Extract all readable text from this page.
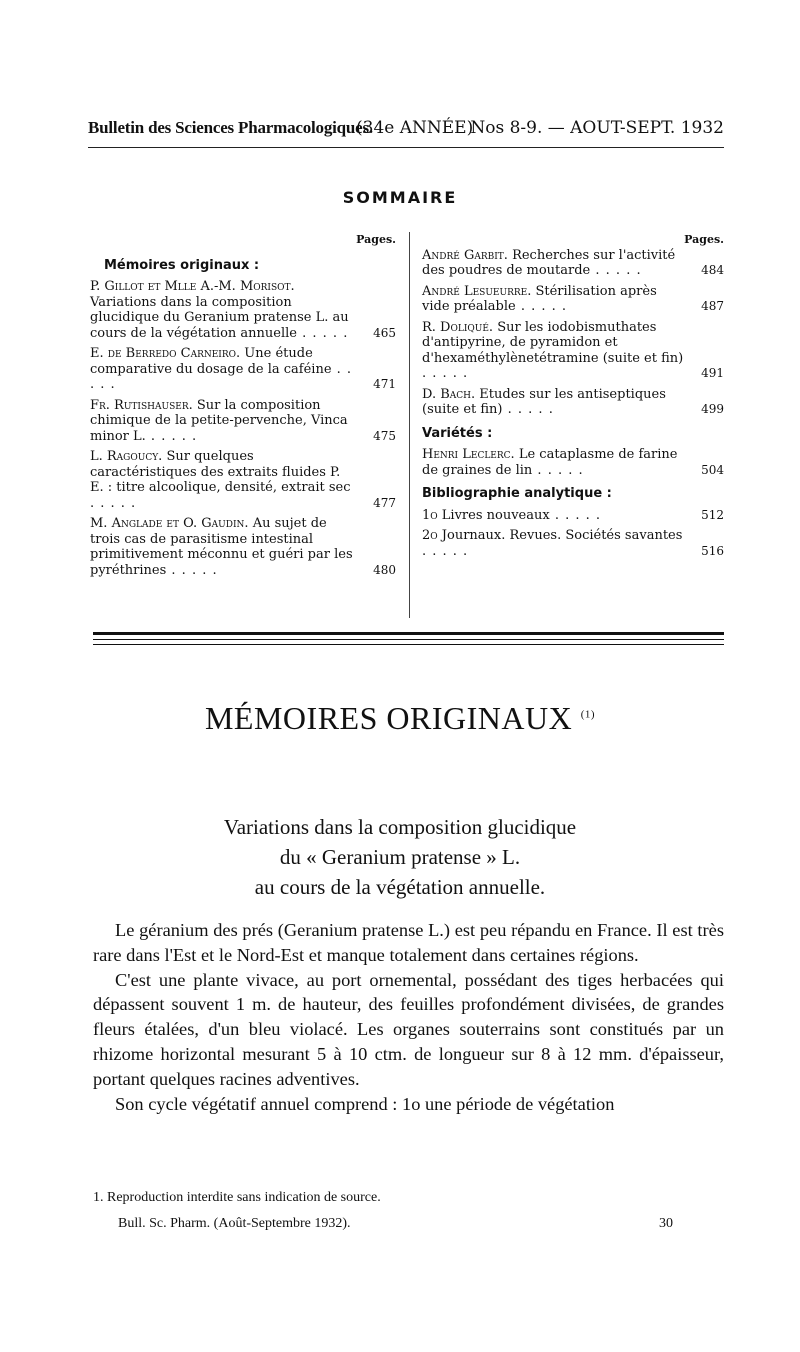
Bulletin des Sciences Pharmacologiques.
(34e ANNÉE)
Nos 8-9. — AOUT-SEPT. 1932
SOMMAIRE
Pages.
Mémoires originaux :
P. Gillot et Mlle A.-M. Morisot. Variations dans la composition glucidique du Geranium pratense L. au cours de la végétation annuelle . . . . . 465
E. de Berredo Carneiro. Une étude comparative du dosage de la caféine . . . . .	471
Fr. Rutishauser. Sur la composition chimique de la petite-pervenche, Vinca minor L. . . . . .	475
L. Ragoucy. Sur quelques caractéristiques des extraits fluides P. E. : titre alcoolique, densité, extrait sec . . . . .	477
M. Anglade et O. Gaudin. Au sujet de trois cas de parasitisme intestinal primitivement méconnu et guéri par les pyréthrines . . . . .	480
Pages.
André Garbit. Recherches sur l'activité des poudres de moutarde . . . . .	484
André Lesueurre. Stérilisation après vide préalable . . . . .	487
R. Doliqué. Sur les iodobismuthates d'antipyrine, de pyramidon et d'hexaméthylènetétramine (suite et fin) . . . . .	491
D. Bach. Etudes sur les antiseptiques (suite et fin) . . . . .	499
Variétés :
Henri Leclerc. Le cataplasme de farine de graines de lin . . . . .	504
Bibliographie analytique :
1o Livres nouveaux . . . . .	512
2o Journaux. Revues. Sociétés savantes . . . . .	516
MÉMOIRES ORIGINAUX $^{(1)}$
Variations dans la composition glucidique
du « Geranium pratense » L.
au cours de la végétation annuelle.

Le géranium des prés (Geranium pratense L.) est peu répandu en France. Il est très rare dans l'Est et le Nord-Est et manque totalement dans certaines régions.

C'est une plante vivace, au port ornemental, possédant des tiges herbacées qui dépassent souvent 1 m. de hauteur, des feuilles profondément divisées, de grandes fleurs étalées, d'un bleu violacé. Les organes souterrains sont constitués par un rhizome horizontal mesurant 5 à 10 ctm. de longueur sur 8 à 12 mm. d'épaisseur, portant quelques racines adventives.

Son cycle végétatif annuel comprend : 1o une période de végétation

1. Reproduction interdite sans indication de source.
Bull. Sc. Pharm. (Août-Septembre 1932).	30
